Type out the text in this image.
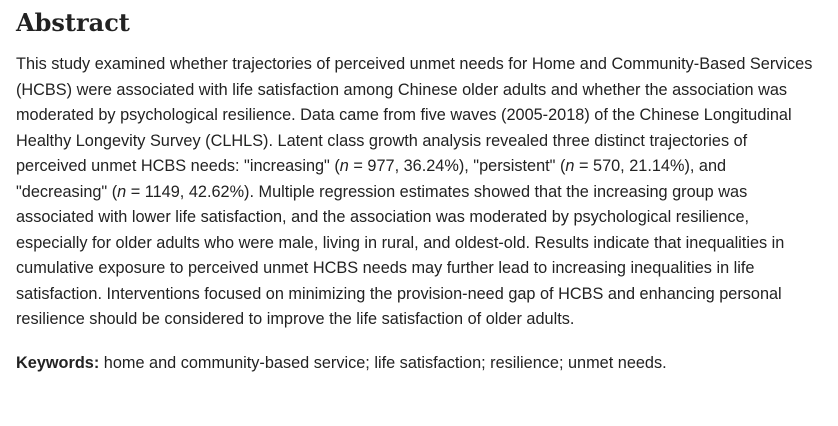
Abstract

This study examined whether trajectories of perceived unmet needs for Home and Community-Based Services (HCBS) were associated with life satisfaction among Chinese older adults and whether the association was moderated by psychological resilience. Data came from five waves (2005-2018) of the Chinese Longitudinal Healthy Longevity Survey (CLHLS). Latent class growth analysis revealed three distinct trajectories of perceived unmet HCBS needs: "increasing" (n = 977, 36.24%), "persistent" (n = 570, 21.14%), and "decreasing" (n = 1149, 42.62%). Multiple regression estimates showed that the increasing group was associated with lower life satisfaction, and the association was moderated by psychological resilience, especially for older adults who were male, living in rural, and oldest-old. Results indicate that inequalities in cumulative exposure to perceived unmet HCBS needs may further lead to increasing inequalities in life satisfaction. Interventions focused on minimizing the provision-need gap of HCBS and enhancing personal resilience should be considered to improve the life satisfaction of older adults.

Keywords: home and community-based service; life satisfaction; resilience; unmet needs.
